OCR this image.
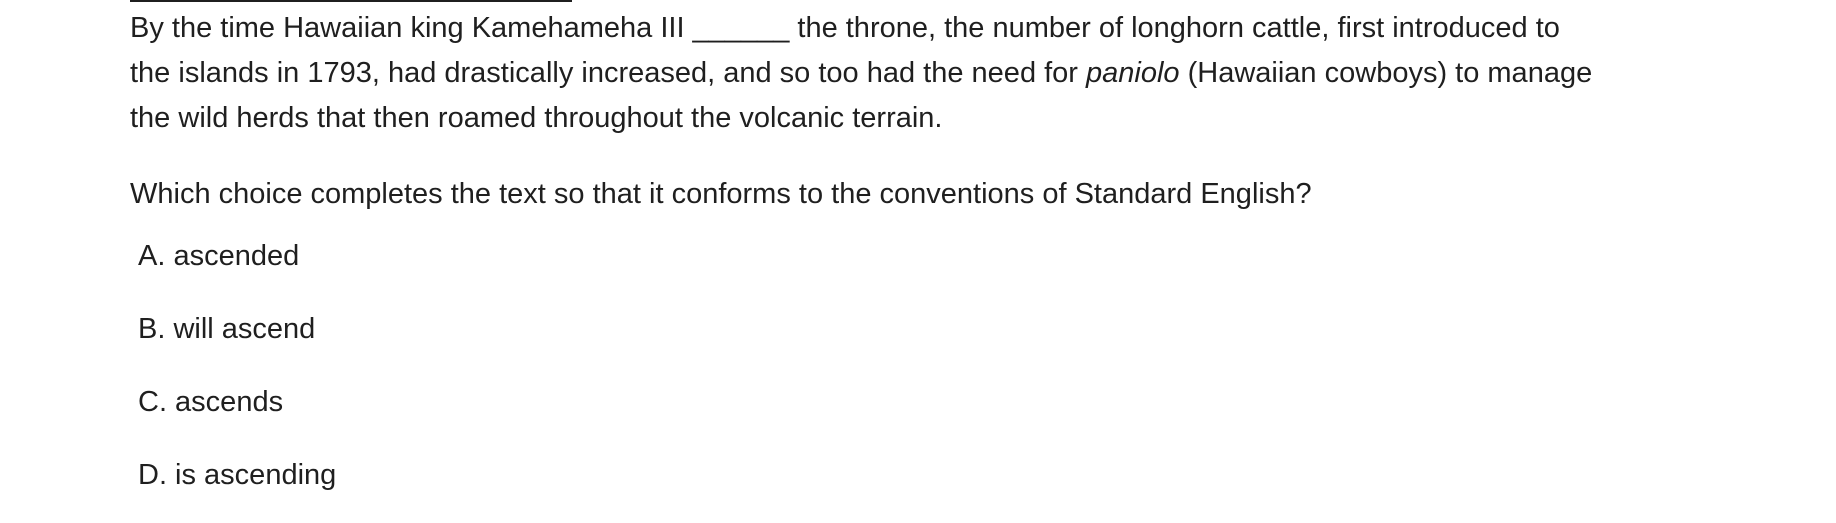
By the time Hawaiian king Kamehameha III ______ the throne, the number of longhorn cattle, first introduced to
the islands in 1793, had drastically increased, and so too had the need for paniolo (Hawaiian cowboys) to manage
the wild herds that then roamed throughout the volcanic terrain.
Which choice completes the text so that it conforms to the conventions of Standard English?
A. ascended
B. will ascend
C. ascends
D. is ascending
